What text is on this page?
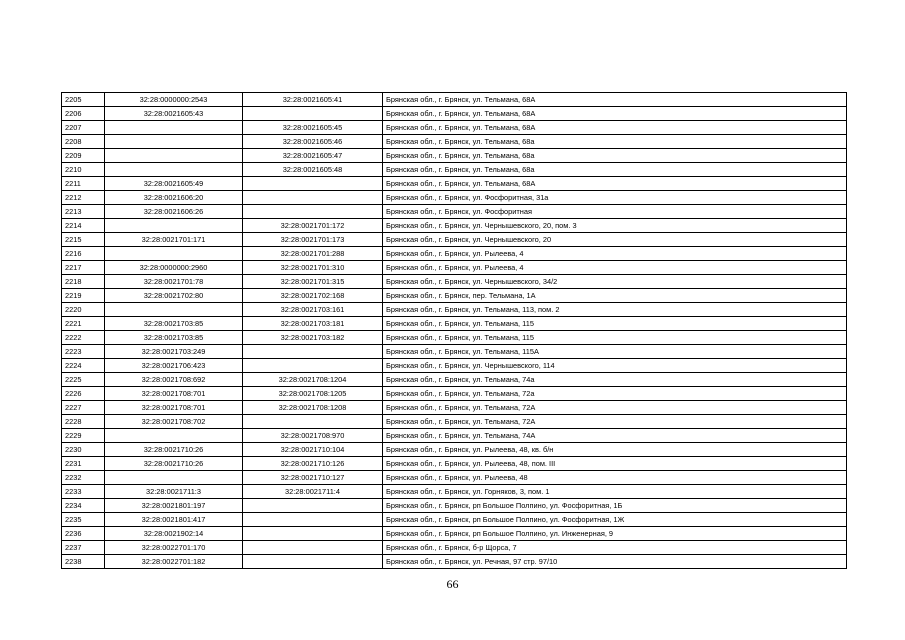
2205	32:28:0000000:2543	32:28:0021605:41	Брянская обл., г. Брянск, ул. Тельмана, 68А
2206	32:28:0021605:43		Брянская обл., г. Брянск, ул. Тельмана, 68А
2207		32:28:0021605:45	Брянская обл., г. Брянск, ул. Тельмана, 68А
2208		32:28:0021605:46	Брянская обл., г. Брянск, ул. Тельмана, 68а
2209		32:28:0021605:47	Брянская обл., г. Брянск, ул. Тельмана, 68а
2210		32:28:0021605:48	Брянская обл., г. Брянск, ул. Тельмана, 68а
2211	32:28:0021605:49		Брянская обл., г. Брянск, ул. Тельмана, 68А
2212	32:28:0021606:20		Брянская обл., г. Брянск, ул. Фосфоритная, 31а
2213	32:28:0021606:26		Брянская обл., г. Брянск, ул. Фосфоритная
2214		32:28:0021701:172	Брянская обл., г. Брянск, ул. Чернышевского, 20, пом. 3
2215	32:28:0021701:171	32:28:0021701:173	Брянская обл., г. Брянск, ул. Чернышевского, 20
2216		32:28:0021701:288	Брянская обл., г. Брянск, ул. Рылеева, 4
2217	32:28:0000000:2960	32:28:0021701:310	Брянская обл., г. Брянск, ул. Рылеева, 4
2218	32:28:0021701:78	32:28:0021701:315	Брянская обл., г. Брянск, ул. Чернышевского, 34/2
2219	32:28:0021702:80	32:28:0021702:168	Брянская обл., г. Брянск, пер. Тельмана, 1А
2220		32:28:0021703:161	Брянская обл., г. Брянск, ул. Тельмана, 113, пом. 2
2221	32:28:0021703:85	32:28:0021703:181	Брянская обл., г. Брянск, ул. Тельмана, 115
2222	32:28:0021703:85	32:28:0021703:182	Брянская обл., г. Брянск, ул. Тельмана, 115
2223	32:28:0021703:249		Брянская обл., г. Брянск, ул. Тельмана, 115А
2224	32:28:0021706:423		Брянская обл., г. Брянск, ул. Чернышевского, 114
2225	32:28:0021708:692	32:28:0021708:1204	Брянская обл., г. Брянск, ул. Тельмана, 74а
2226	32:28:0021708:701	32:28:0021708:1205	Брянская обл., г. Брянск, ул. Тельмана, 72а
2227	32:28:0021708:701	32:28:0021708:1208	Брянская обл., г. Брянск, ул. Тельмана, 72А
2228	32:28:0021708:702		Брянская обл., г. Брянск, ул. Тельмана, 72А
2229		32:28:0021708:970	Брянская обл., г. Брянск, ул. Тельмана, 74А
2230	32:28:0021710:26	32:28:0021710:104	Брянская обл., г. Брянск, ул. Рылеева, 48, кв. б/н
2231	32:28:0021710:26	32:28:0021710:126	Брянская обл., г. Брянск, ул. Рылеева, 48, пом. III
2232		32:28:0021710:127	Брянская обл., г. Брянск, ул. Рылеева, 48
2233	32:28:0021711:3	32:28:0021711:4	Брянская обл., г. Брянск, ул. Горняков, 3, пом. 1
2234	32:28:0021801:197		Брянская обл., г. Брянск, рп Большое Полпино, ул. Фосфоритная, 1Б
2235	32:28:0021801:417		Брянская обл., г. Брянск, рп Большое Полпино, ул. Фосфоритная, 1Ж
2236	32:28:0021902:14		Брянская обл., г. Брянск, рп Большое Полпино, ул. Инженерная, 9
2237	32:28:0022701:170		Брянская обл., г. Брянск, б-р Щорса, 7
2238	32:28:0022701:182		Брянская обл., г. Брянск, ул. Речная, 97 стр. 97/10
66
